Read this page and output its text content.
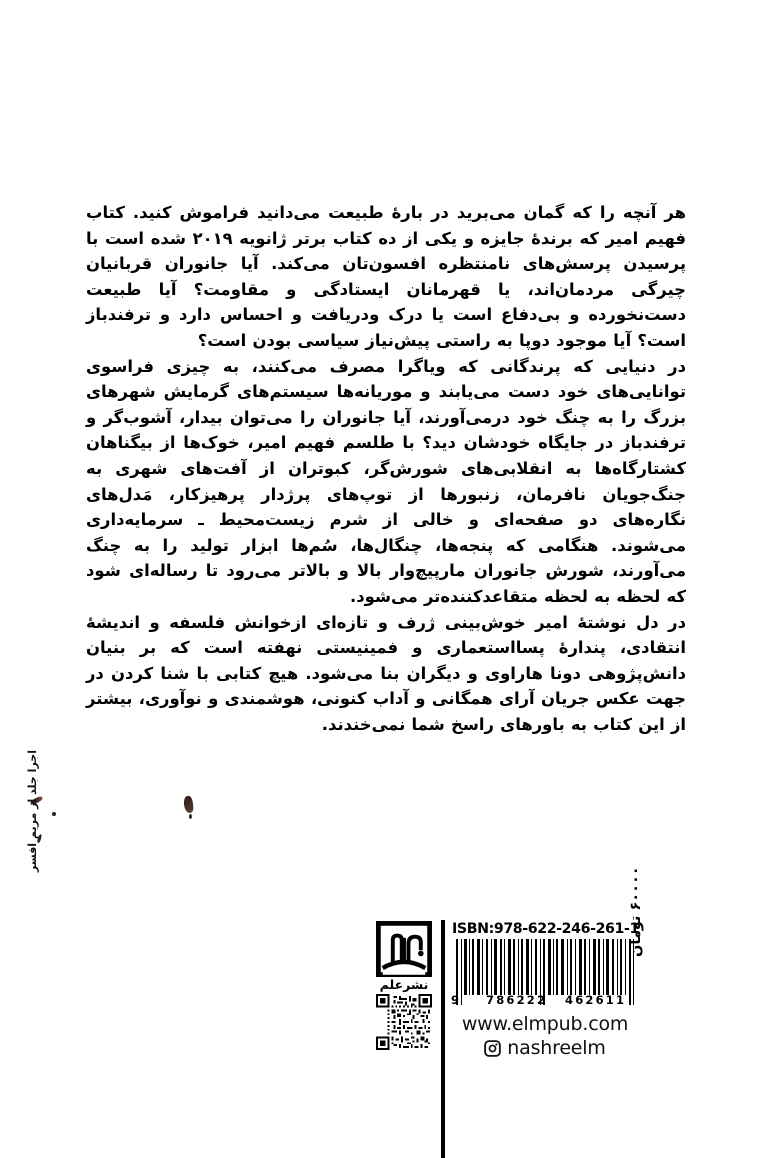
هر آنچه را که گمان می‌برید در بارۀ طبیعت می‌دانید فراموش کنید. کتاب فهیم امیر که برندۀ جایزه و یکی از ده کتاب برتر ژانویه ۲۰۱۹ شده است با پرسیدن پرسش‌های نامنتظره افسون‌تان می‌کند. آیا جانوران قربانیان چیرگی مردمان‌اند، یا قهرمانان ایستادگی و مقاومت؟ آیا طبیعت دست‌نخورده و بی‌دفاع است یا درک ودریافت و احساس دارد و ترفندباز است؟ آیا موجود دوپا به راستی پیش‌نیاز سیاسی بودن است؟

در دنیایی که پرندگانی که ویاگرا مصرف می‌کنند، به چیزی فراسوی توانایی‌های خود دست می‌یابند و موریانه‌ها سیستم‌های گرمایش شهرهای بزرگ را به چنگ خود درمی‌آورند، آیا جانوران را می‌توان بیدار، آشوب‌گر و ترفندباز در جایگاه خودشان دید؟ با طلسم فهیم امیر، خوک‌ها از بیگناهان کشتارگاه‌ها به انقلابی‌های شورش‌گر، کبوتران از آفت‌های شهری به جنگ‌جویان نافرمان، زنبورها از توپ‌های پرژدار پرهیزکار، مَدل‌های نگاره‌های دو صفحه‌ای و خالی از شرم زیست‌محیط ـ سرمایه‌داری می‌شوند. هنگامی که پنجه‌ها، چنگال‌ها، سُم‌ها ابزار تولید را به چنگ می‌آورند، شورش جانوران مارپیچ‌وار بالا و بالاتر می‌رود تا رساله‌ای شود که لحظه به لحظه متقاعدکننده‌تر می‌شود.

در دل نوشتۀ امیر خوش‌بینی ژرف و تازه‌ای ازخوانش فلسفه و اندیشۀ انتقادی، پندارۀ پسااستعماری و فمینیستی نهفته است که بر بنیان دانش‌پژوهی دونا هاراوی و دیگران بنا می‌شود. هیچ کتابی با شنا کردن در جهت عکس جریان آرای همگانی و آداب کنونی، هوشمندی و نوآوری، بیشتر از این کتاب به باورهای راسخ شما نمی‌خندند.

اجرا جلد از مریم افسر
نشرعلم
ISBN:978-622-246-261-1
9 786222 462611
www.elmpub.com
nashreelm
۶۰۰۰۰ تومان
